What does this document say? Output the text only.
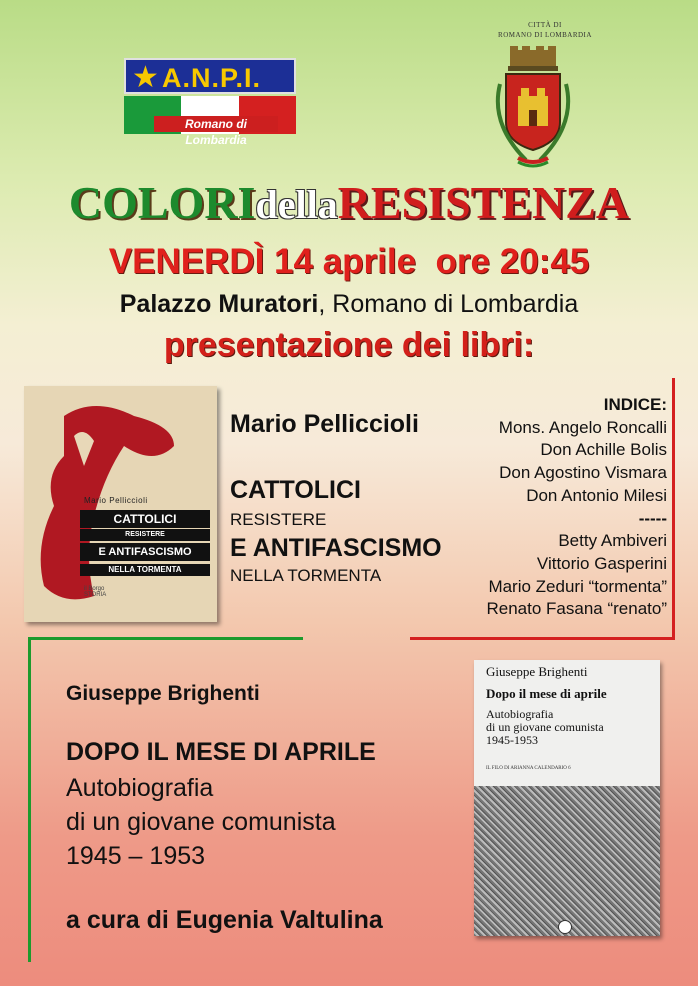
★ A.N.P.I.
Romano di Lombardia
CITTÀ DI
ROMANO DI LOMBARDIA
COLORIdellaRESISTENZA
VENERDÌ 14 aprile  ore 20:45
Palazzo Muratori, Romano di Lombardia
presentazione dei libri:
Mario Pelliccioli
CATTOLICI
RESISTERE
E ANTIFASCISMO
NELLA TORMENTA
il Borgo
STORIA
Mario Pelliccioli
CATTOLICI
RESISTERE
E ANTIFASCISMO
NELLA TORMENTA
INDICE:
Mons. Angelo Roncalli
Don Achille Bolis
Don Agostino Vismara
Don Antonio Milesi
-----
Betty Ambiveri
Vittorio Gasperini
Mario Zeduri “tormenta”
Renato Fasana “renato”
Giuseppe Brighenti
DOPO IL MESE DI APRILE
Autobiografia
di un giovane comunista
1945 – 1953
a cura di Eugenia Valtulina
Giuseppe Brighenti
Dopo il mese di aprile
Autobiografia
di un giovane comunista
1945-1953
IL FILO DI ARIANNA CALENDARIO 6
